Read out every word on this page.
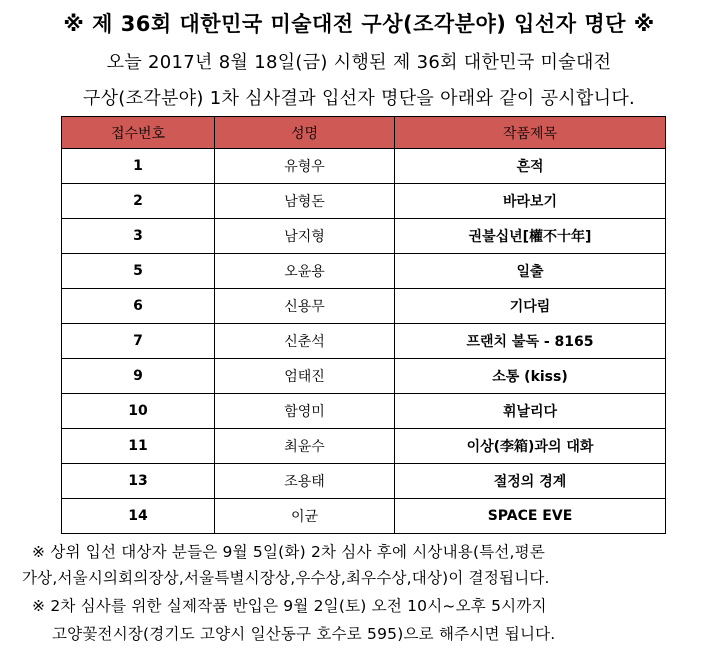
※ 제 36회 대한민국 미술대전 구상(조각분야) 입선자 명단 ※
오늘 2017년 8월 18일(금) 시행된 제 36회 대한민국 미술대전
구상(조각분야) 1차 심사결과 입선자 명단을 아래와 같이 공시합니다.
접수번호	성명	작품제목
1	유형우	흔적
2	남형돈	바라보기
3	남지형	권불십년[權不十年]
5	오윤용	일출
6	신용무	기다림
7	신춘석	프랜치 불독 - 8165
9	엄태진	소통 (kiss)
10	함영미	휘날리다
11	최윤수	이상(李箱)과의 대화
13	조용태	절정의 경계
14	이균	SPACE EVE
※ 상위 입선 대상자 분들은 9월 5일(화) 2차 심사 후에 시상내용(특선,평론
가상,서울시의회의장상,서울특별시장상,우수상,최우수상,대상)이 결정됩니다.
※ 2차 심사를 위한 실제작품 반입은 9월 2일(토) 오전 10시~오후 5시까지
고양꽃전시장(경기도 고양시 일산동구 호수로 595)으로 해주시면 됩니다.
